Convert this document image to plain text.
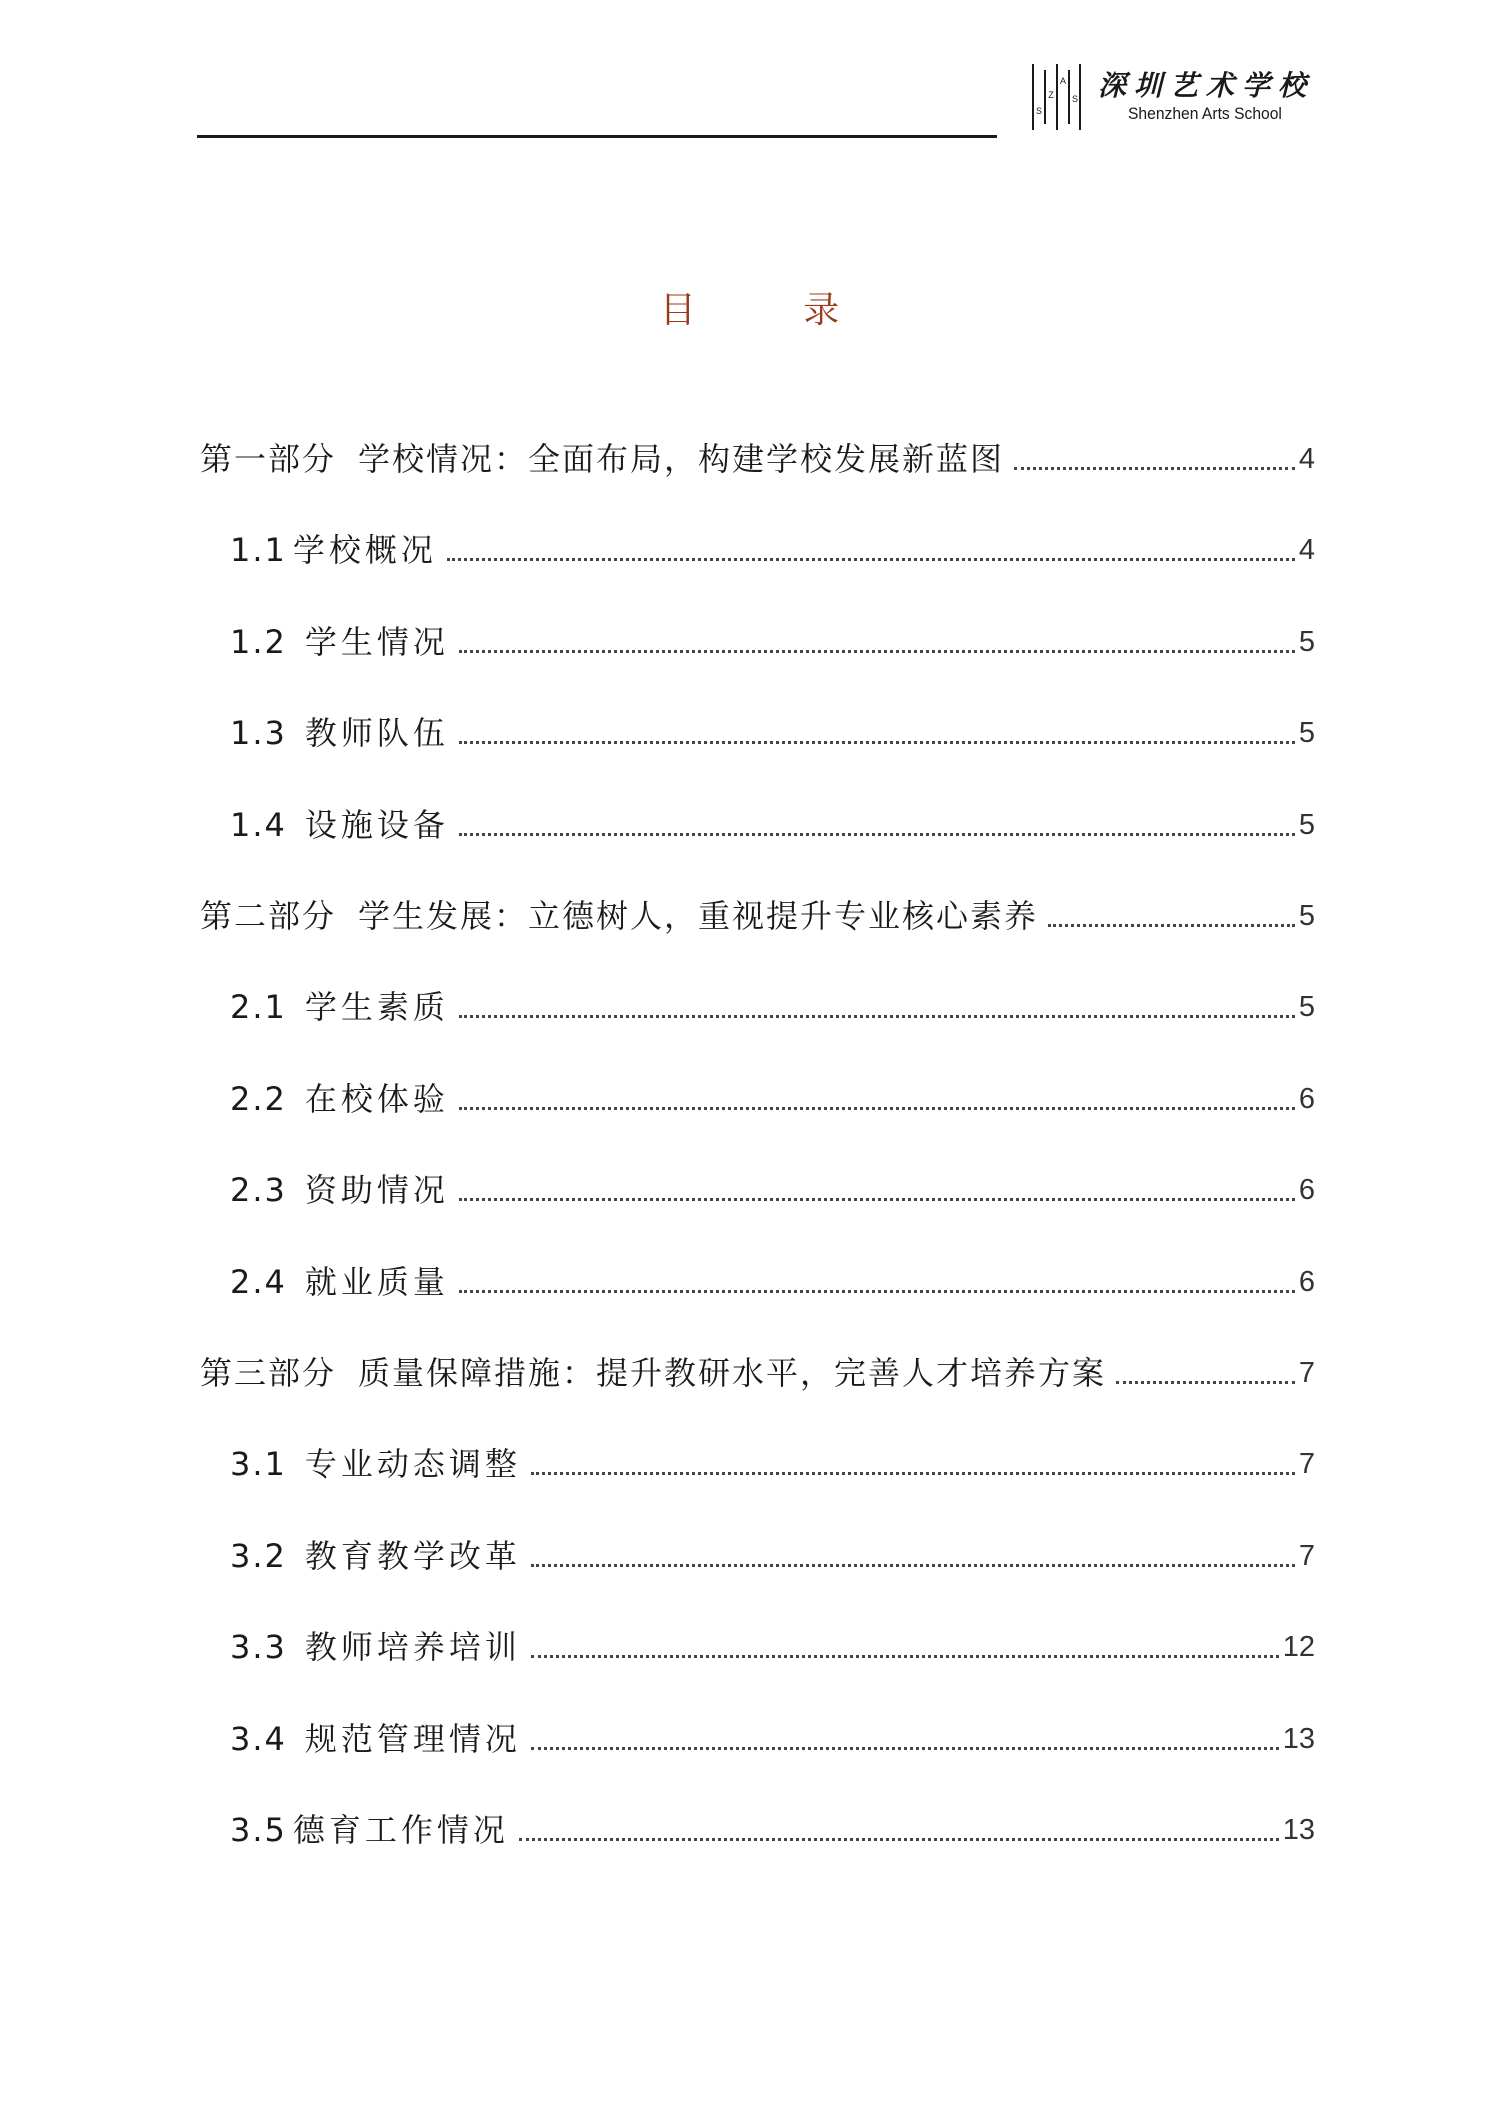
S
Z
A
S 深圳艺术学校
Shenzhen Arts School
目 录
第一部分 学校情况：全面布局，构建学校发展新蓝图	4
1.1 学校概况	4
1.2 学生情况	5
1.3 教师队伍	5
1.4 设施设备	5
第二部分 学生发展：立德树人，重视提升专业核心素养	5
2.1 学生素质	5
2.2 在校体验	6
2.3 资助情况	6
2.4 就业质量	6
第三部分 质量保障措施：提升教研水平，完善人才培养方案	7
3.1 专业动态调整	7
3.2 教育教学改革	7
3.3 教师培养培训	12
3.4 规范管理情况	13
3.5 德育工作情况	13
